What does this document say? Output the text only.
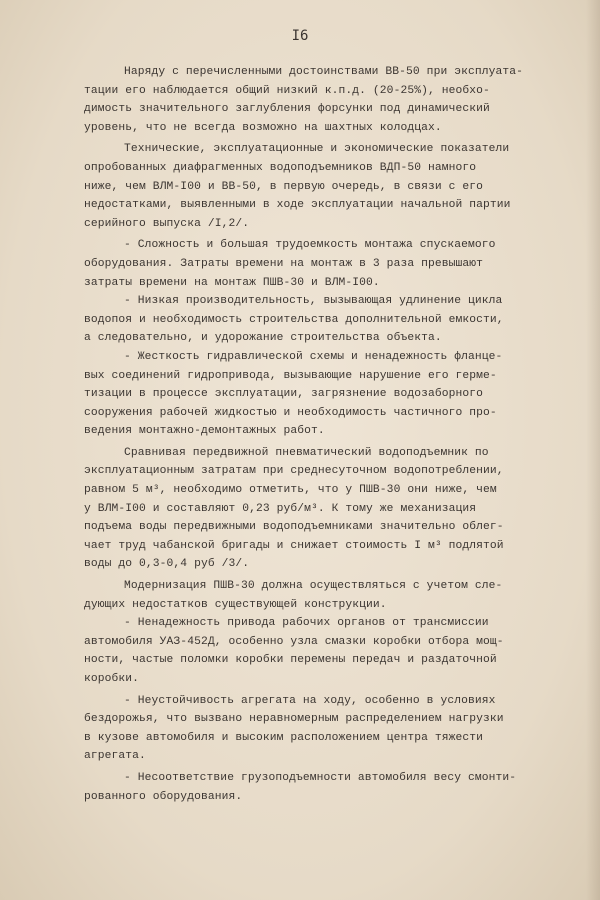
I6
Наряду с перечисленными достоинствами ВВ-50 при эксплуата-
тации его наблюдается общий низкий к.п.д. (20-25%), необхо-
димость значительного заглубления форсунки под динамический
уровень, что не всегда возможно на шахтных колодцах.
Технические, эксплуатационные и экономические показатели
опробованных диафрагменных водоподъемников ВДП-50 намного
ниже, чем ВЛМ-I00 и ВВ-50, в первую очередь, в связи с его
недостатками, выявленными в ходе эксплуатации начальной партии
серийного выпуска /I,2/.
- Сложность и большая трудоемкость монтажа спускаемого
оборудования. Затраты времени на монтаж в 3 раза превышают
затраты времени на монтаж ПШВ-30 и ВЛМ-I00.
- Низкая производительность, вызывающая удлинение цикла
водопоя и необходимость строительства дополнительной емкости,
а следовательно, и удорожание строительства объекта.
- Жесткость гидравлической схемы и ненадежность фланце-
вых соединений гидропривода, вызывающие нарушение его герме-
тизации в процессе эксплуатации, загрязнение водозаборного
сооружения рабочей жидкостью и необходимость частичного про-
ведения монтажно-демонтажных работ.
Сравнивая передвижной пневматический водоподъемник по
эксплуатационным затратам при среднесуточном водопотреблении,
равном 5 м³, необходимо отметить, что у ПШВ-30 они ниже, чем
у ВЛМ-I00 и составляют 0,23 руб/м³. К тому же механизация
подъема воды передвижными водоподъемниками значительно облег-
чает труд чабанской бригады и снижает стоимость I м³ подлятой
воды до 0,3-0,4 руб /3/.
Модернизация ПШВ-30 должна осуществляться с учетом сле-
дующих недостатков существующей конструкции.
- Ненадежность привода рабочих органов от трансмиссии
автомобиля УАЗ-452Д, особенно узла смазки коробки отбора мощ-
ности, частые поломки коробки перемены передач и раздаточной
коробки.
- Неустойчивость агрегата на ходу, особенно в условиях
бездорожья, что вызвано неравномерным распределением нагрузки
в кузове автомобиля и высоким расположением центра тяжести
агрегата.
- Несоответствие грузоподъемности автомобиля весу смонти-
рованного оборудования.
